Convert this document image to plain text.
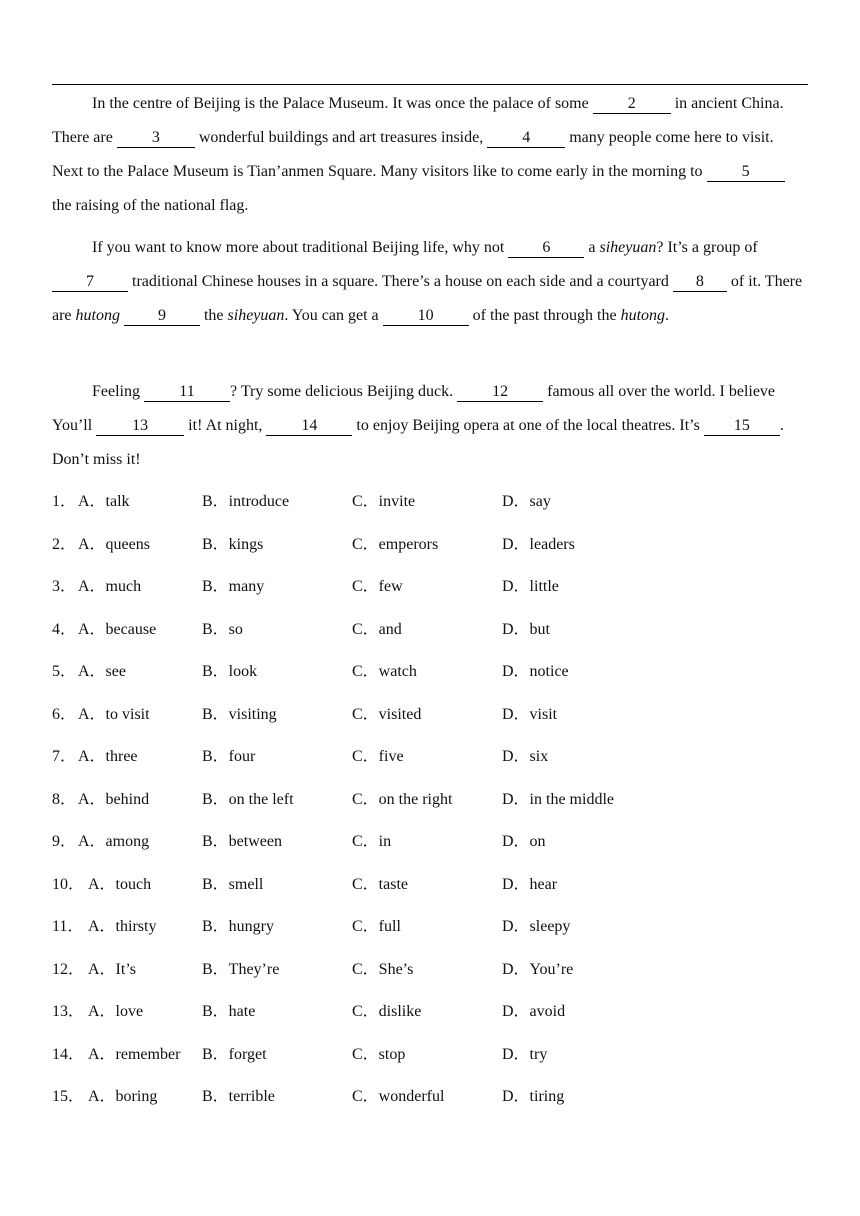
In the centre of Beijing is the Palace Museum. It was once the palace of some 2 in ancient China. There are 3 wonderful buildings and art treasures inside, 4 many people come here to visit. Next to the Palace Museum is Tian’anmen Square. Many visitors like to come early in the morning to 5 the raising of the national flag.

If you want to know more about traditional Beijing life, why not 6 a siheyuan? It’s a group of 7 traditional Chinese houses in a square. There’s a house on each side and a courtyard 8 of it. There are hutong 9 the siheyuan. You can get a 10 of the past through the hutong.

Feeling 11 ? Try some delicious Beijing duck. 12 famous all over the world. I believe You’ll 13 it! At night, 14 to enjoy Beijing opera at one of the local theatres. It’s 15 . Don’t miss it!

1． A．talk	B．introduce	C．invite	D．say
2． A．queens	B．kings	C．emperors	D．leaders
3． A．much	B．many	C．few	D．little
4． A．because	B．so	C．and	D．but
5． A．see	B．look	C．watch	D．notice
6． A．to visit	B．visiting	C．visited	D．visit
7． A．three	B．four	C．five	D．six
8． A．behind	B．on the left	C．on the right	D．in the middle
9． A．among	B．between	C．in	D．on
10． A．touch	B．smell	C．taste	D．hear
11． A．thirsty	B．hungry	C．full	D．sleepy
12． A．It’s	B．They’re	C．She’s	D．You’re
13． A．love	B．hate	C．dislike	D．avoid
14． A．remember B．forget	C．stop	D．try
15． A．boring	B．terrible	C．wonderful	D．tiring
